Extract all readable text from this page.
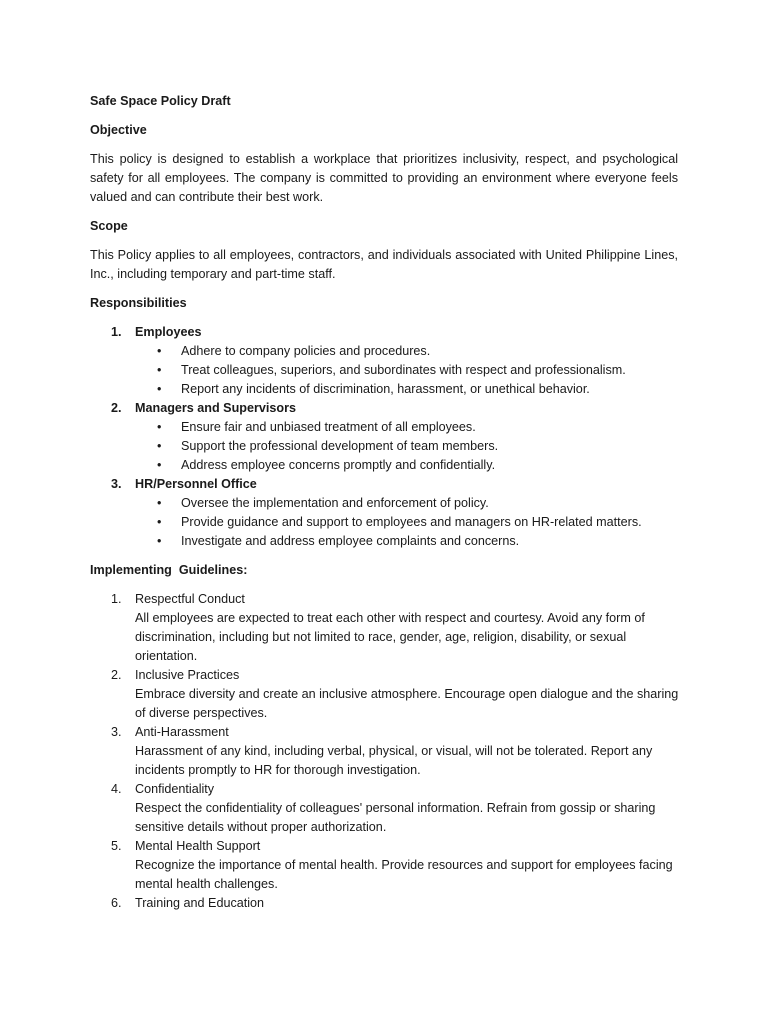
Safe Space Policy Draft

Objective

This policy is designed to establish a workplace that prioritizes inclusivity, respect, and psychological safety for all employees. The company is committed to providing an environment where everyone feels valued and can contribute their best work.

Scope

This Policy applies to all employees, contractors, and individuals associated with United Philippine Lines, Inc., including temporary and part-time staff.

Responsibilities

1. Employees
• Adhere to company policies and procedures.
• Treat colleagues, superiors, and subordinates with respect and professionalism.
• Report any incidents of discrimination, harassment, or unethical behavior.
2. Managers and Supervisors
• Ensure fair and unbiased treatment of all employees.
• Support the professional development of team members.
• Address employee concerns promptly and confidentially.
3. HR/Personnel Office
• Oversee the implementation and enforcement of policy.
• Provide guidance and support to employees and managers on HR-related matters.
• Investigate and address employee complaints and concerns.

Implementing  Guidelines:

1. Respectful Conduct
All employees are expected to treat each other with respect and courtesy. Avoid any form of discrimination, including but not limited to race, gender, age, religion, disability, or sexual orientation.
2. Inclusive Practices
Embrace diversity and create an inclusive atmosphere. Encourage open dialogue and the sharing of diverse perspectives.
3. Anti-Harassment
Harassment of any kind, including verbal, physical, or visual, will not be tolerated. Report any incidents promptly to HR for thorough investigation.
4. Confidentiality
Respect the confidentiality of colleagues' personal information. Refrain from gossip or sharing sensitive details without proper authorization.
5. Mental Health Support
Recognize the importance of mental health. Provide resources and support for employees facing mental health challenges.
6. Training and Education
